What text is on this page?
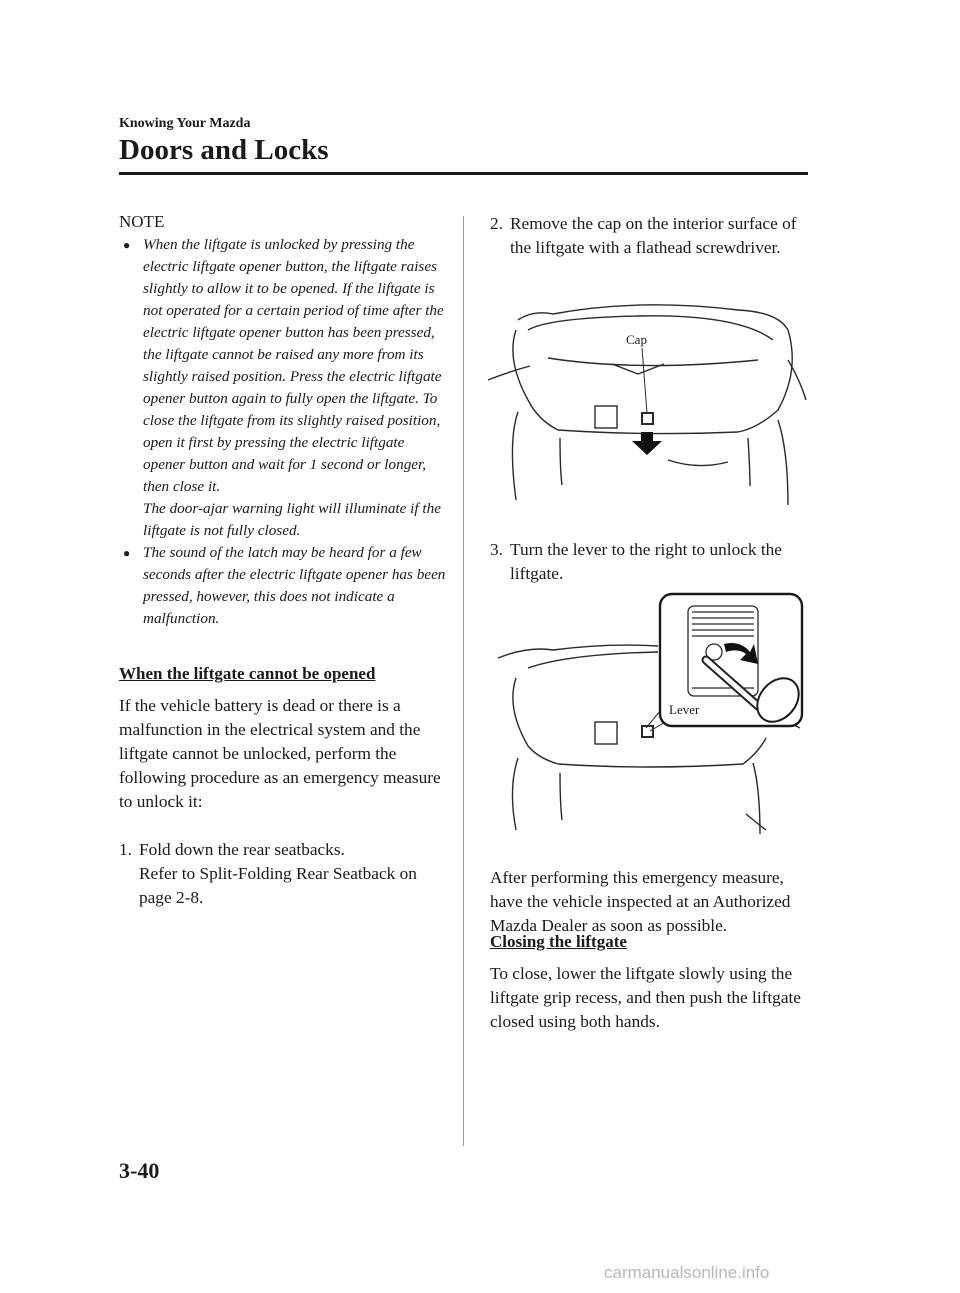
Knowing Your Mazda
Doors and Locks
NOTE
● When the liftgate is unlocked by pressing the electric liftgate opener button, the liftgate raises slightly to allow it to be opened. If the liftgate is not operated for a certain period of time after the electric liftgate opener button has been pressed, the liftgate cannot be raised any more from its slightly raised position. Press the electric liftgate opener button again to fully open the liftgate. To close the liftgate from its slightly raised position, open it first by pressing the electric liftgate opener button and wait for 1 second or longer, then close it.
The door-ajar warning light will illuminate if the liftgate is not fully closed.
● The sound of the latch may be heard for a few seconds after the electric liftgate opener has been pressed, however, this does not indicate a malfunction.
When the liftgate cannot be opened

If the vehicle battery is dead or there is a malfunction in the electrical system and the liftgate cannot be unlocked, perform the following procedure as an emergency measure to unlock it:

1. Fold down the rear seatbacks.
Refer to Split-Folding Rear Seatback on page 2-8.
2. Remove the cap on the interior surface of the liftgate with a flathead screwdriver.
Cap
3. Turn the lever to the right to unlock the liftgate.
Lever

After performing this emergency measure, have the vehicle inspected at an Authorized Mazda Dealer as soon as possible.

Closing the liftgate

To close, lower the liftgate slowly using the liftgate grip recess, and then push the liftgate closed using both hands.

3-40
carmanualsonline.info
